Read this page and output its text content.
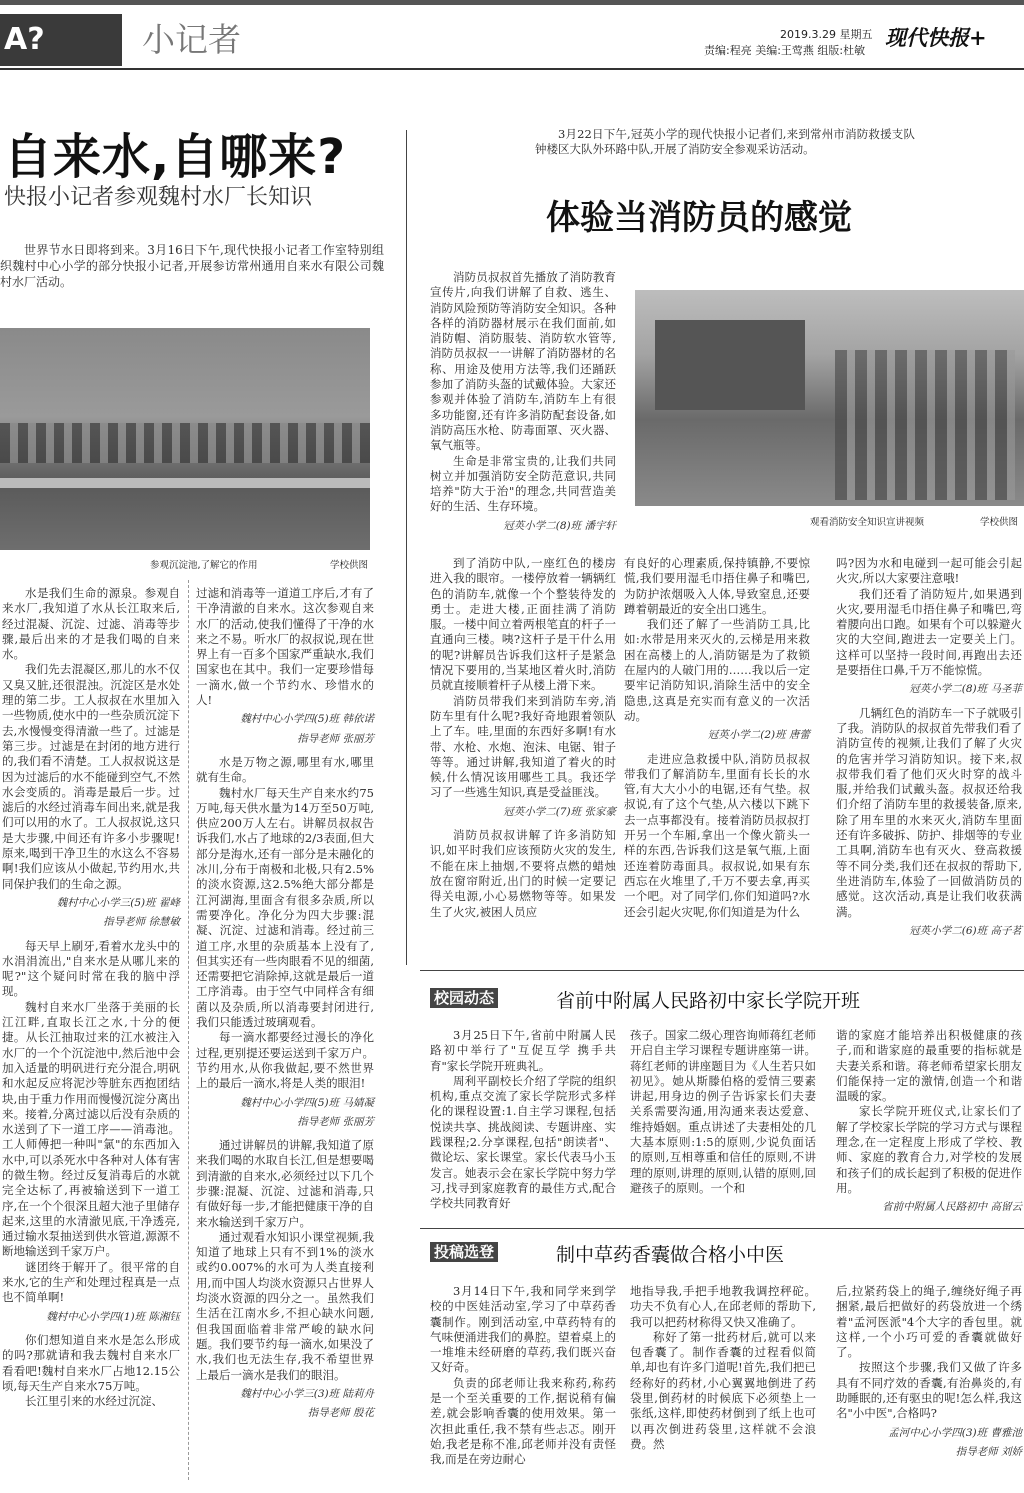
A?	小记者	2019.3.29 星期五
责编:程亮 美编:王莺燕 组版:杜敏
现代快报+
自来水,自哪来?
快报小记者参观魏村水厂长知识

世界节水日即将到来。3月16日下午,现代快报小记者工作室特别组织魏村中心小学的部分快报小记者,开展参访常州通用自来水有限公司魏村水厂活动。

参观沉淀池,了解它的作用	学校供图

水是我们生命的源泉。参观自来水厂,我知道了水从长江取来后,经过混凝、沉淀、过滤、消毒等步骤,最后出来的才是我们喝的自来水。

我们先去混凝区,那儿的水不仅又臭又脏,还很混浊。沉淀区是水处理的第二步。工人叔叔在水里加入一些物质,使水中的一些杂质沉淀下去,水慢慢变得清澈一些了。过滤是第三步。过滤是在封闭的地方进行的,我们看不清楚。工人叔叔说这是因为过滤后的水不能碰到空气,不然水会变质的。消毒是最后一步。过滤后的水经过消毒车间出来,就是我们可以用的水了。工人叔叔说,这只是大步骤,中间还有许多小步骤呢!原来,喝到干净卫生的水这么不容易啊!我们应该从小做起,节约用水,共同保护我们的生命之源。

魏村中心小学三(5)班 翟峰
指导老师 徐慧敏

每天早上刷牙,看着水龙头中的水涓涓流出,"自来水是从哪儿来的呢?"这个疑问时常在我的脑中浮现。

魏村自来水厂坐落于美丽的长江江畔,直取长江之水,十分的便捷。从长江抽取过来的江水被注入水厂的一个个沉淀池中,然后池中会加入适量的明矾进行充分混合,明矾和水起反应将泥沙等脏东西抱团结块,由于重力作用而慢慢沉淀分离出来。接着,分离过滤以后没有杂质的水送到了下一道工序——消毒池。工人师傅把一种叫"氯"的东西加入水中,可以杀死水中各种对人体有害的微生物。经过反复消毒后的水就完全达标了,再被输送到下一道工序,在一个个很深且超大池子里储存起来,这里的水清澈见底,干净透亮,通过输水泵抽送到供水管道,源源不断地输送到千家万户。

谜团终于解开了。很平常的自来水,它的生产和处理过程真是一点也不简单啊!

魏村中心小学四(1)班 陈湘钰

你们想知道自来水是怎么形成的吗?那就请和我去魏村自来水厂看看吧!魏村自来水厂占地12.15公顷,每天生产自来水75万吨。

长江里引来的水经过沉淀、

过滤和消毒等一道道工序后,才有了干净清澈的自来水。这次参观自来水厂的活动,使我们懂得了干净的水来之不易。听水厂的叔叔说,现在世界上有一百多个国家严重缺水,我们国家也在其中。我们一定要珍惜每一滴水,做一个节约水、珍惜水的人!

魏村中心小学四(5)班 韩依诺
指导老师 张丽芳

水是万物之源,哪里有水,哪里就有生命。

魏村水厂每天生产自来水约75万吨,每天供水量为14万至50万吨,供应200万人左右。讲解员叔叔告诉我们,水占了地球的2/3表面,但大部分是海水,还有一部分是未融化的冰川,分布于南极和北极,只有2.5%的淡水资源,这2.5%绝大部分都是江河湖海,里面含有很多杂质,所以需要净化。净化分为四大步骤:混凝、沉淀、过滤和消毒。经过前三道工序,水里的杂质基本上没有了,但其实还有一些肉眼看不见的细菌,还需要把它消除掉,这就是最后一道工序消毒。由于空气中同样含有细菌以及杂质,所以消毒要封闭进行,我们只能透过玻璃观看。

每一滴水都要经过漫长的净化过程,更别提还要运送到千家万户。节约用水,从你我做起,要不然世界上的最后一滴水,将是人类的眼泪!

魏村中心小学四(5)班 马婧凝
指导老师 张丽芳

通过讲解员的讲解,我知道了原来我们喝的水取自长江,但是想要喝到清澈的自来水,必须经过以下几个步骤:混凝、沉淀、过滤和消毒,只有做好每一步,才能把健康干净的自来水输送到千家万户。

通过观看水知识小课堂视频,我知道了地球上只有不到1%的淡水或约0.007%的水可为人类直接利用,而中国人均淡水资源只占世界人均淡水资源的四分之一。虽然我们生活在江南水乡,不担心缺水问题,但我国面临着非常严峻的缺水问题。我们要节约每一滴水,如果没了水,我们也无法生存,我不希望世界上最后一滴水是我们的眼泪。

魏村中心小学三(3)班 陆莉舟
指导老师 殷花

3月22日下午,冠英小学的现代快报小记者们,来到常州市消防救援支队钟楼区大队外环路中队,开展了消防安全参观采访活动。

体验当消防员的感觉

消防员叔叔首先播放了消防教育宣传片,向我们讲解了自救、逃生、消防风险预防等消防安全知识。各种各样的消防器材展示在我们面前,如消防帽、消防服装、消防软水管等,消防员叔叔一一讲解了消防器材的名称、用途及使用方法等,我们还踊跃参加了消防头盔的试戴体验。大家还参观并体验了消防车,消防车上有很多功能窗,还有许多消防配套设备,如消防高压水枪、防毒面罩、灭火器、氧气瓶等。

生命是非常宝贵的,让我们共同树立并加强消防安全防范意识,共同培养"防大于治"的理念,共同营造美好的生活、生存环境。

冠英小学二(8)班 潘宇轩	观看消防安全知识宣讲视频	学校供图

到了消防中队,一座红色的楼房进入我的眼帘。一楼停放着一辆辆红色的消防车,就像一个个整装待发的勇士。走进大楼,正面挂满了消防服。一楼中间立着两根笔直的杆子一直通向三楼。咦?这杆子是干什么用的呢?讲解员告诉我们这杆子是紧急情况下要用的,当某地区着火时,消防员就直接顺着杆子从楼上滑下来。

消防员带我们来到消防车旁,消防车里有什么呢?我好奇地跟着领队上了车。哇,里面的东西好多啊!有水带、水枪、水炮、泡沫、电锯、钳子等等。通过讲解,我知道了着火的时候,什么情况该用哪些工具。我还学习了一些逃生知识,真是受益匪浅。

冠英小学二(7)班 张家豪

消防员叔叔讲解了许多消防知识,如平时我们应该预防火灾的发生,不能在床上抽烟,不要将点燃的蜡烛放在窗帘附近,出门的时候一定要记得关电源,小心易燃物等等。如果发生了火灾,被困人员应

有良好的心理素质,保持镇静,不要惊慌,我们要用湿毛巾捂住鼻子和嘴巴,为防护浓烟吸入人体,导致窒息,还要蹲着朝最近的安全出口逃生。

我们还了解了一些消防工具,比如:水带是用来灭火的,云梯是用来救困在高楼上的人,消防锯是为了救锁在屋内的人破门用的……我以后一定要牢记消防知识,消除生活中的安全隐患,这真是充实而有意义的一次活动。

冠英小学二(2)班 唐蕾

走进应急救援中队,消防员叔叔带我们了解消防车,里面有长长的水管,有大大小小的电锯,还有气垫。叔叔说,有了这个气垫,从六楼以下跳下去一点事都没有。接着消防员叔叔打开另一个车厢,拿出一个像火箭头一样的东西,告诉我们这是氧气瓶,上面还连着防毒面具。叔叔说,如果有东西忘在火堆里了,千万不要去拿,再买一个吧。对了同学们,你们知道吗?水还会引起火灾呢,你们知道是为什么

吗?因为水和电碰到一起可能会引起火灾,所以大家要注意哦!

我们还看了消防短片,如果遇到火灾,要用湿毛巾捂住鼻子和嘴巴,弯着腰向出口跑。如果有个可以躲避火灾的大空间,跑进去一定要关上门。这样可以坚持一段时间,再跑出去还是要捂住口鼻,千万不能惊慌。

冠英小学二(8)班 马圣菲

几辆红色的消防车一下子就吸引了我。消防队的叔叔首先带我们看了消防宣传的视频,让我们了解了火灾的危害并学习消防知识。接下来,叔叔带我们看了他们灭火时穿的战斗服,并给我们试戴头盔。叔叔还给我们介绍了消防车里的救援装备,原来,除了用车里的水来灭火,消防车里面还有许多破拆、防护、排烟等的专业工具啊,消防车也有灭火、登高救援等不同分类,我们还在叔叔的帮助下,坐进消防车,体验了一回做消防员的感觉。这次活动,真是让我们收获满满。

冠英小学二(6)班 高子茗
校园动态	省前中附属人民路初中家长学院开班

3月25日下午,省前中附属人民路初中举行了"互促互学 携手共育"家长学院开班典礼。

周利平副校长介绍了学院的组织机构,重点交流了家长学院形式多样化的课程设置:1.自主学习课程,包括悦读共享、挑战阅读、专题讲座、实践课程;2.分享课程,包括"朗读者"、微论坛、家长课堂。家长代表马小玉发言。她表示会在家长学院中努力学习,找寻到家庭教育的最佳方式,配合学校共同教育好

孩子。国家二级心理咨询师蒋红老师开启自主学习课程专题讲座第一讲。蒋红老师的讲座题目为《人生若只如初见》。她从斯滕伯格的爱情三要素讲起,用身边的例子告诉家长们夫妻关系需要沟通,用沟通来表达爱意、维持婚姻。重点讲述了夫妻相处的几大基本原则:1:5的原则,少说负面话的原则,互相尊重和信任的原则,不讲理的原则,讲理的原则,认错的原则,回避孩子的原则。一个和

谐的家庭才能培养出积极健康的孩子,而和谐家庭的最重要的指标就是夫妻关系和谐。蒋老师希望家长朋友们能保持一定的激情,创造一个和谐温暖的家。

家长学院开班仪式,让家长们了解了学校家长学院的学习方式与课程理念,在一定程度上形成了学校、教师、家庭的教育合力,对学校的发展和孩子们的成长起到了积极的促进作用。

省前中附属人民路初中 高留云
投稿选登	制中草药香囊做合格小中医

3月14日下午,我和同学来到学校的中医娃活动室,学习了中草药香囊制作。刚到活动室,中草药特有的气味便涌进我们的鼻腔。望着桌上的一堆堆未经研磨的草药,我们既兴奋又好奇。

负责的邱老师让我来称药,称药是一个至关重要的工作,据说稍有偏差,就会影响香囊的使用效果。第一次担此重任,我不禁有些忐忑。刚开始,我老是称不准,邱老师并没有责怪我,而是在旁边耐心

地指导我,手把手地教我调控秤砣。功夫不负有心人,在邱老师的帮助下,我可以把药材称得又快又准确了。

称好了第一批药材后,就可以来包香囊了。制作香囊的过程看似简单,却也有许多门道呢!首先,我们把已经称好的药材,小心翼翼地倒进了药袋里,倒药材的时候底下必须垫上一张纸,这样,即使药材倒到了纸上也可以再次倒进药袋里,这样就不会浪费。然

后,拉紧药袋上的绳子,缠绕好绳子再捆紧,最后把做好的药袋放进一个绣着"孟河医派"4个大字的香包里。就这样,一个小巧可爱的香囊就做好了。

按照这个步骤,我们又做了许多具有不同疗效的香囊,有治鼻炎的,有助睡眠的,还有驱虫的呢!怎么样,我这名"小中医",合格吗?

孟河中心小学四(3)班 曹雅池
指导老师 刘娇
